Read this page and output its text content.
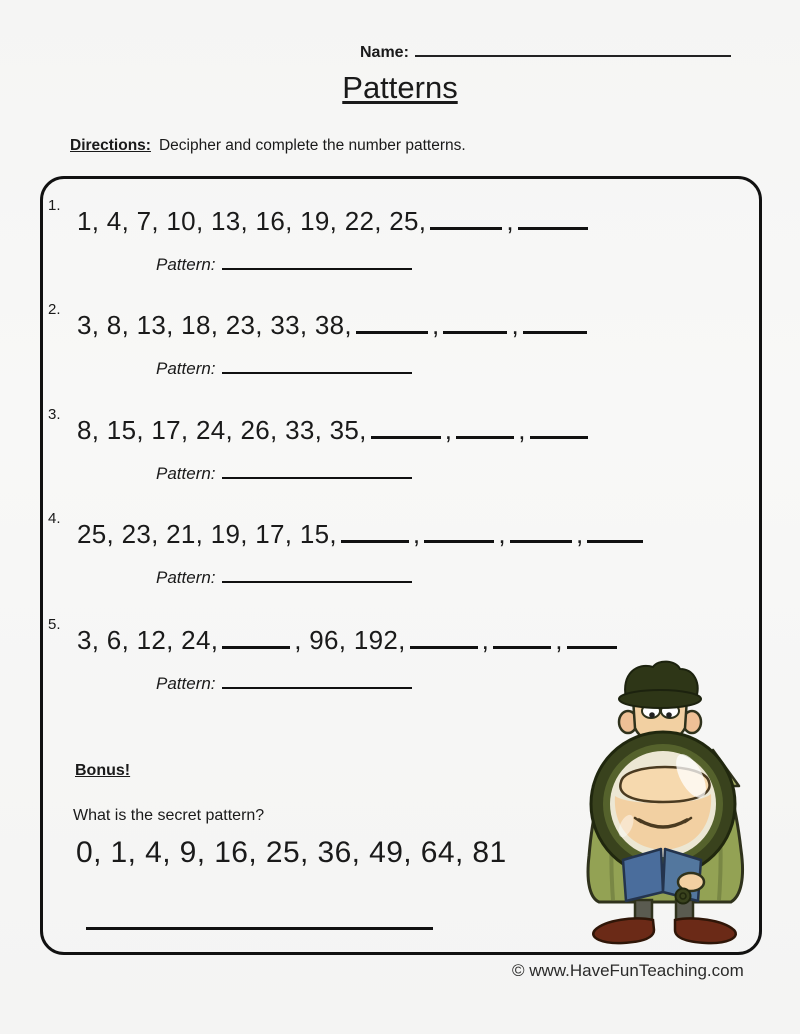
Name:
Patterns
Directions: Decipher and complete the number patterns.
1.
1, 4, 7, 10, 13, 16, 19, 22, 25,	,
Pattern:
2.
3, 8, 13, 18, 23, 33, 38,	,	,
Pattern:
3.
8, 15, 17, 24, 26, 33, 35,	,	,
Pattern:
4.
25, 23, 21, 19, 17, 15,	,	,	,
Pattern:
5.
3, 6, 12, 24,	, 96, 192,	,	,
Pattern:
Bonus!
What is the secret pattern?
0, 1, 4, 9, 16, 25, 36, 49, 64, 81
© www.HaveFunTeaching.com
